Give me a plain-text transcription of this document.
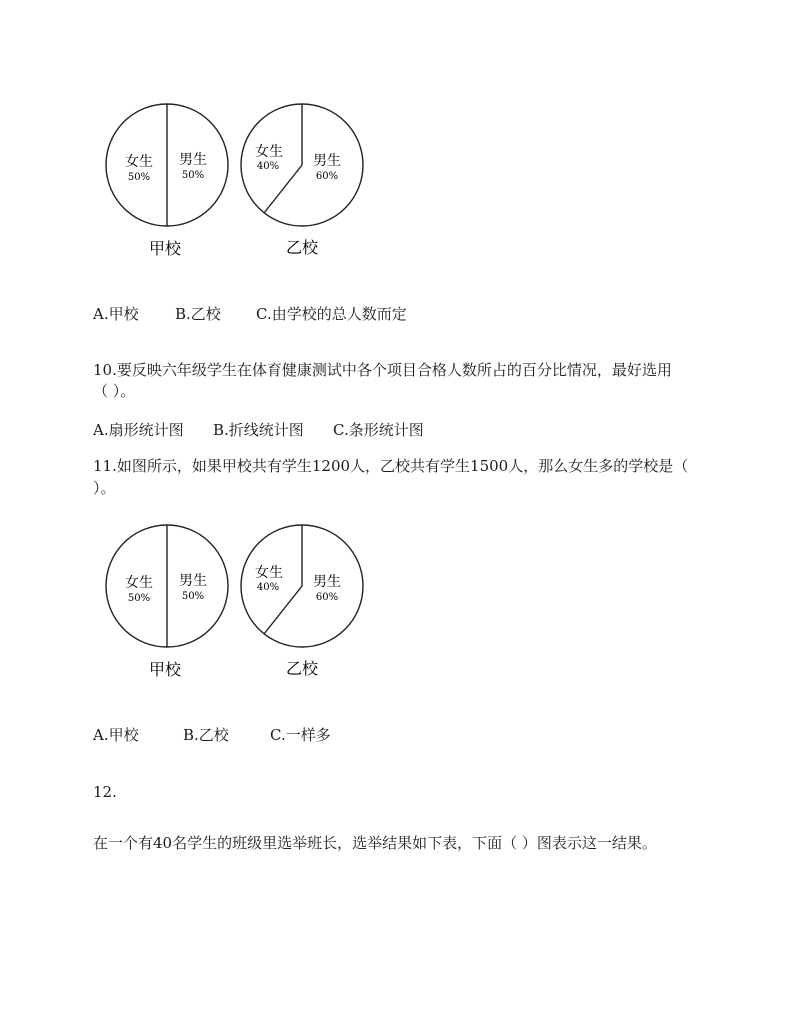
女生
50%
男生
50%
女生
40% 男生
60%
甲校	乙校
A.甲校 B.乙校 C.由学校的总人数而定
10.要反映六年级学生在体育健康测试中各个项目合格人数所占的百分比情况，最好选用
（ ）。
A.扇形统计图 B.折线统计图 C.条形统计图
11.如图所示，如果甲校共有学生1200人，乙校共有学生1500人，那么女生多的学校是（
）。
女生
50%
男生
50%
女生
40% 男生
60%
甲校	乙校
A.甲校	B.乙校	C.一样多
12.
在一个有40名学生的班级里选举班长，选举结果如下表，下面（ ）图表示这一结果。
